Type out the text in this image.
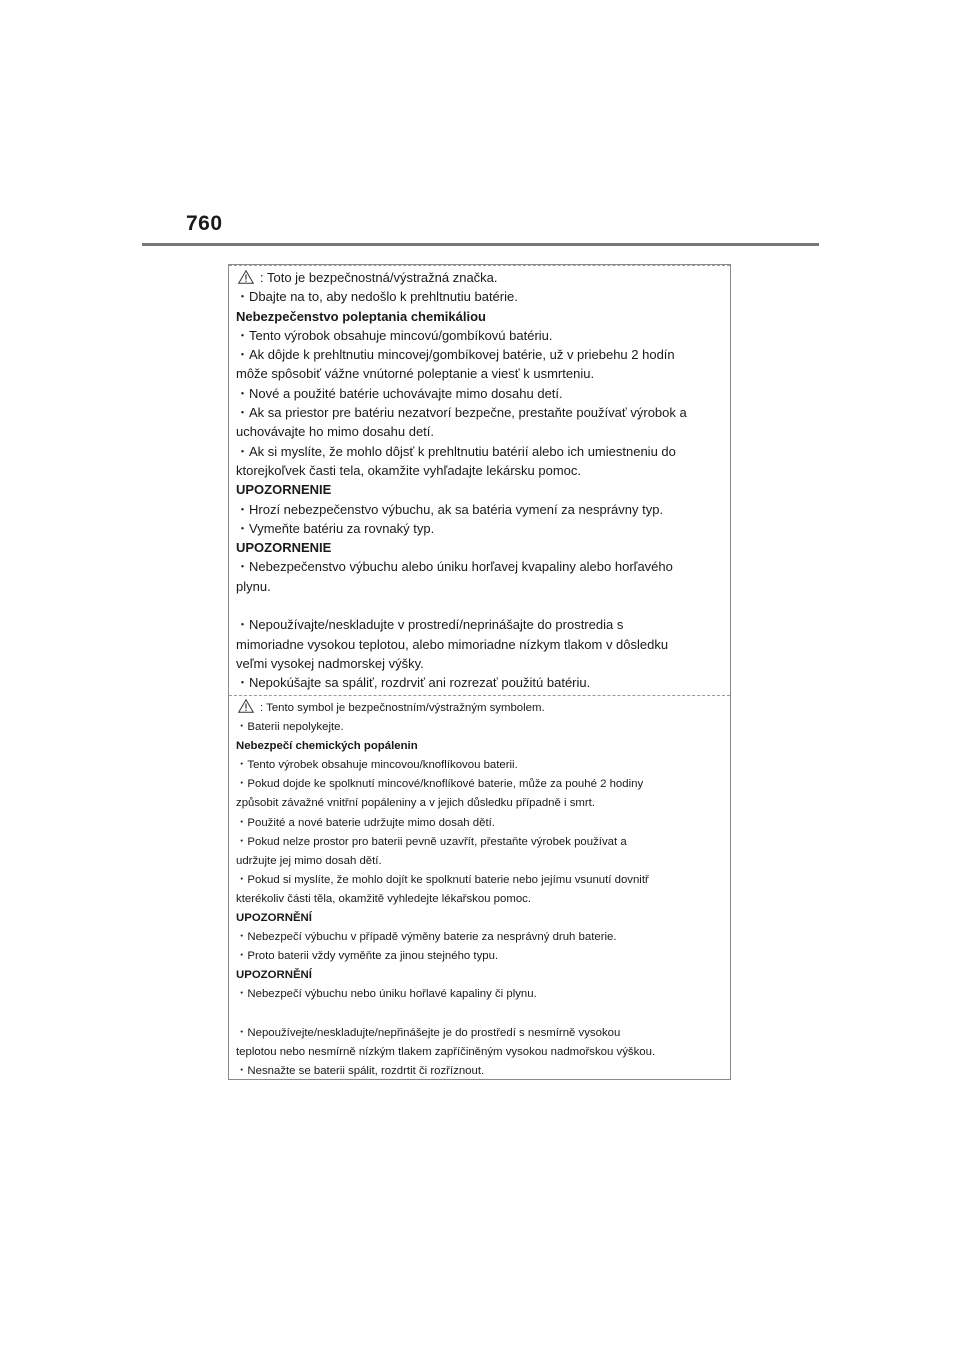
760
: Toto je bezpečnostná/výstražná značka.
・Dbajte na to, aby nedošlo k prehltnutiu batérie.
Nebezpečenstvo poleptania chemikáliou
・Tento výrobok obsahuje mincovú/gombíkovú batériu.
・Ak dôjde k prehltnutiu mincovej/gombíkovej batérie, už v priebehu 2 hodín
môže spôsobiť vážne vnútorné poleptanie a viesť k usmrteniu.
・Nové a použité batérie uchovávajte mimo dosahu detí.
・Ak sa priestor pre batériu nezatvorí bezpečne, prestaňte používať výrobok a
uchovávajte ho mimo dosahu detí.
・Ak si myslíte, že mohlo dôjsť k prehltnutiu batérií alebo ich umiestneniu do
ktorejkoľvek časti tela, okamžite vyhľadajte lekársku pomoc.
UPOZORNENIE
・Hrozí nebezpečenstvo výbuchu, ak sa batéria vymení za nesprávny typ.
・Vymeňte batériu za rovnaký typ.
UPOZORNENIE
・Nebezpečenstvo výbuchu alebo úniku horľavej kvapaliny alebo horľavého
plynu.
・Nepoužívajte/neskladujte v prostredí/neprinášajte do prostredia s
mimoriadne vysokou teplotou, alebo mimoriadne nízkym tlakom v dôsledku
veľmi vysokej nadmorskej výšky.
・Nepokúšajte sa spáliť, rozdrviť ani rozrezať použitú batériu.
: Tento symbol je bezpečnostním/výstražným symbolem.
・Baterii nepolykejte.
Nebezpečí chemických popálenin
・Tento výrobek obsahuje mincovou/knoflíkovou baterii.
・Pokud dojde ke spolknutí mincové/knoflíkové baterie, může za pouhé 2 hodiny
způsobit závažné vnitřní popáleniny a v jejich důsledku případně i smrt.
・Použité a nové baterie udržujte mimo dosah dětí.
・Pokud nelze prostor pro baterii pevně uzavřít, přestaňte výrobek používat a
udržujte jej mimo dosah dětí.
・Pokud si myslíte, že mohlo dojít ke spolknutí baterie nebo jejímu vsunutí dovnitř
kterékoliv části těla, okamžitě vyhledejte lékařskou pomoc.
UPOZORNĚNÍ
・Nebezpečí výbuchu v případě výměny baterie za nesprávný druh baterie.
・Proto baterii vždy vyměňte za jinou stejného typu.
UPOZORNĚNÍ
・Nebezpečí výbuchu nebo úniku hořlavé kapaliny či plynu.
・Nepoužívejte/neskladujte/nepřinášejte je do prostředí s nesmírně vysokou
teplotou nebo nesmírně nízkým tlakem zapříčiněným vysokou nadmořskou výškou.
・Nesnažte se baterii spálit, rozdrtit či rozříznout.
